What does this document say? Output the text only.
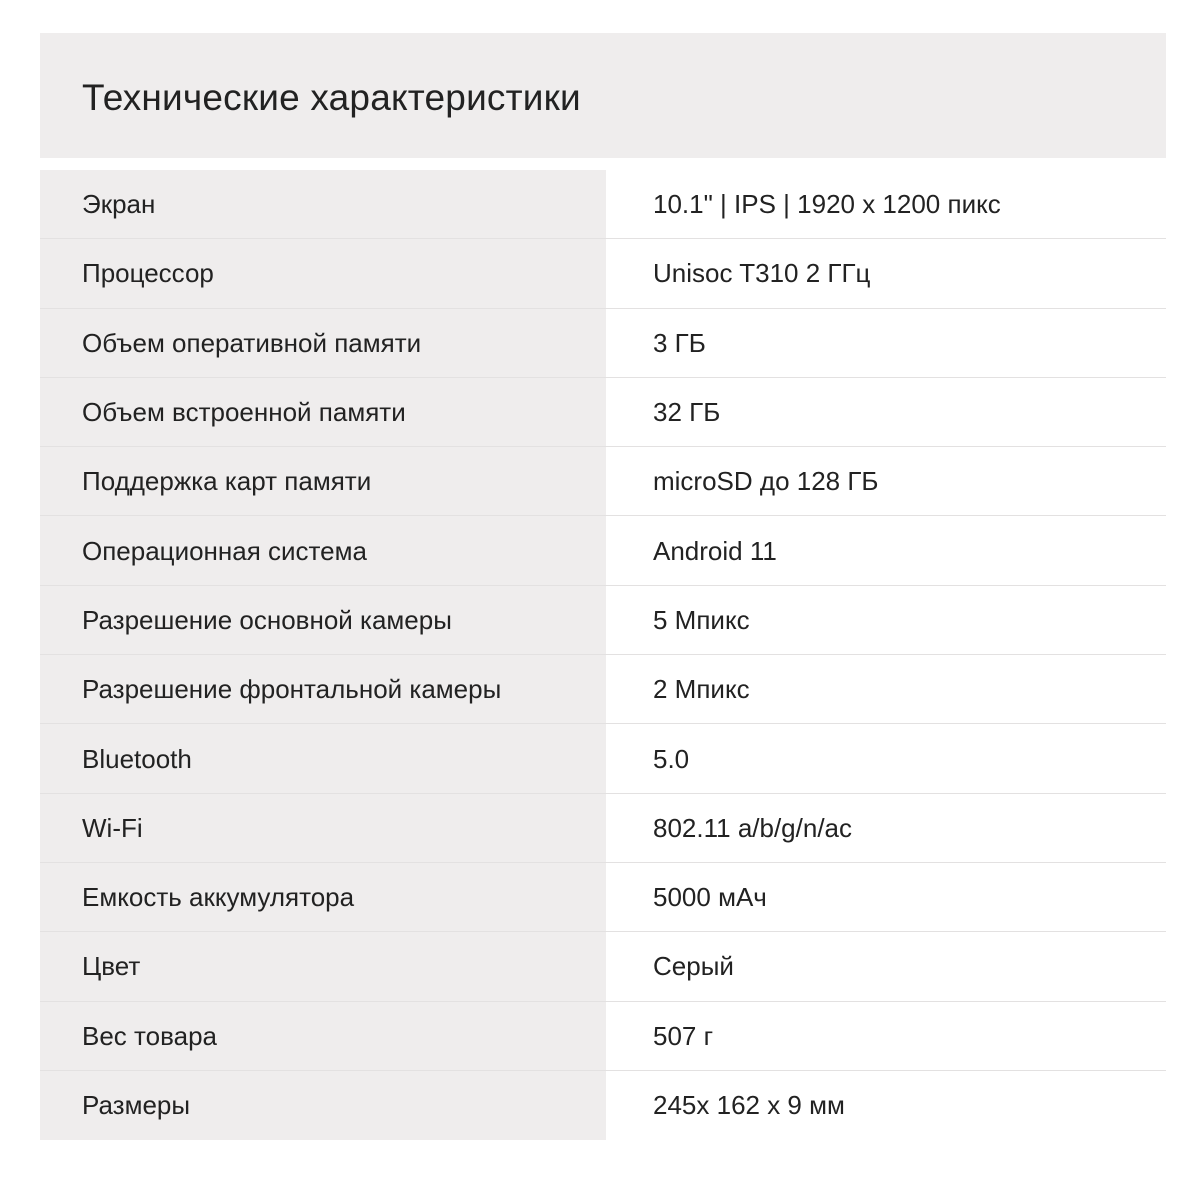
Технические характеристики
Экран	10.1" | IPS | 1920 x 1200 пикс
Процессор	Unisoc T310 2 ГГц
Объем оперативной памяти	3 ГБ
Объем встроенной памяти	32 ГБ
Поддержка карт памяти	microSD до 128 ГБ
Операционная система	Android 11
Разрешение основной камеры	5 Мпикс
Разрешение фронтальной камеры	2 Мпикс
Bluetooth	5.0
Wi-Fi	802.11 a/b/g/n/ac
Емкость аккумулятора	5000 мАч
Цвет	Серый
Вес товара	507 г
Размеры	245x 162 x 9 мм
